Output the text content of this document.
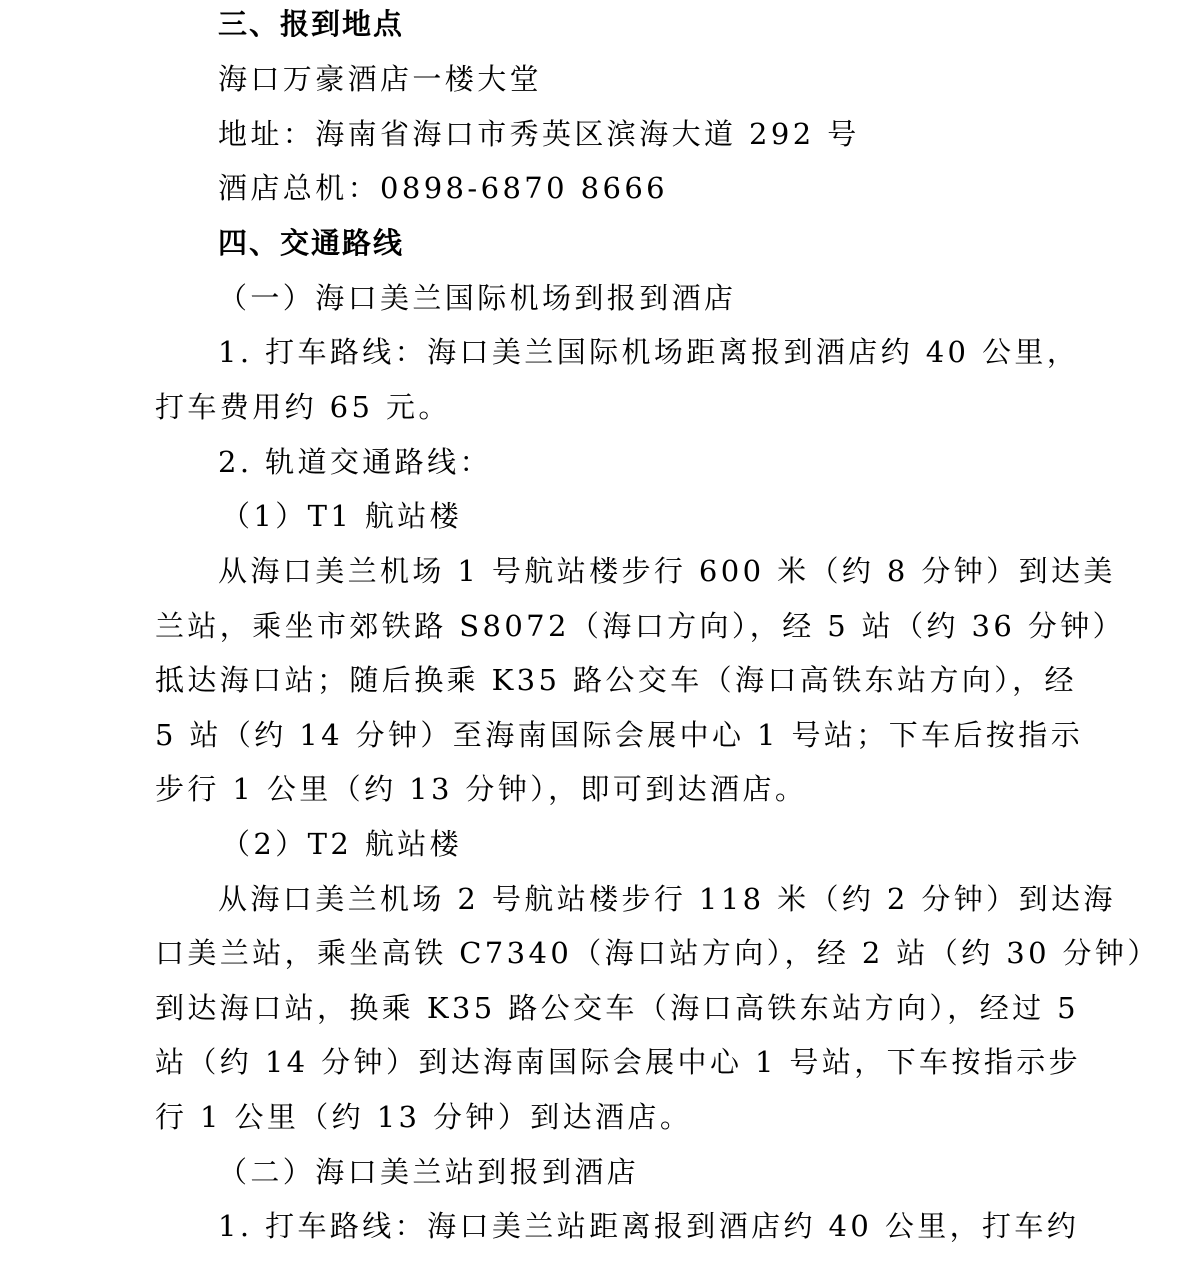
三、报到地点
海口万豪酒店一楼大堂
地址：海南省海口市秀英区滨海大道 292 号
酒店总机：0898-6870 8666
四、交通路线
（一）海口美兰国际机场到报到酒店
1. 打车路线：海口美兰国际机场距离报到酒店约 40 公里，
打车费用约 65 元。
2. 轨道交通路线：
（1）T1 航站楼
从海口美兰机场 1 号航站楼步行 600 米（约 8 分钟）到达美
兰站，乘坐市郊铁路 S8072（海口方向），经 5 站（约 36 分钟）
抵达海口站；随后换乘 K35 路公交车（海口高铁东站方向），经
5 站（约 14 分钟）至海南国际会展中心 1 号站；下车后按指示
步行 1 公里（约 13 分钟），即可到达酒店。
（2）T2 航站楼
从海口美兰机场 2 号航站楼步行 118 米（约 2 分钟）到达海
口美兰站，乘坐高铁 C7340（海口站方向），经 2 站（约 30 分钟）
到达海口站，换乘 K35 路公交车（海口高铁东站方向），经过 5
站（约 14 分钟）到达海南国际会展中心 1 号站，下车按指示步
行 1 公里（约 13 分钟）到达酒店。
（二）海口美兰站到报到酒店
1. 打车路线：海口美兰站距离报到酒店约 40 公里，打车约
